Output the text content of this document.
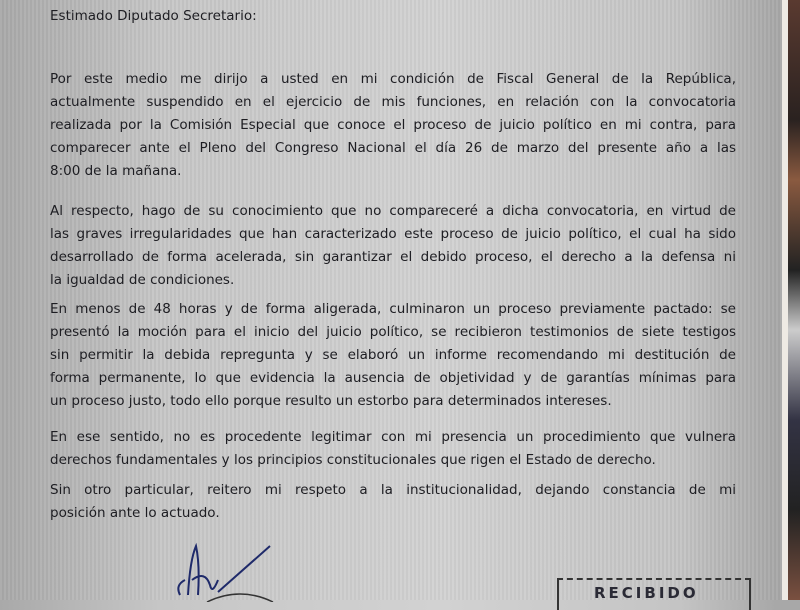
Estimado Diputado Secretario:
Por este medio me dirijo a usted en mi condición de Fiscal General de la República,
actualmente suspendido en el ejercicio de mis funciones, en relación con la convocatoria
realizada por la Comisión Especial que conoce el proceso de juicio político en mi contra, para
comparecer ante el Pleno del Congreso Nacional el día 26 de marzo del presente año a las
8:00 de la mañana.
Al respecto, hago de su conocimiento que no compareceré a dicha convocatoria, en virtud de
las graves irregularidades que han caracterizado este proceso de juicio político, el cual ha sido
desarrollado de forma acelerada, sin garantizar el debido proceso, el derecho a la defensa ni
la igualdad de condiciones.
En menos de 48 horas y de forma aligerada, culminaron un proceso previamente pactado: se
presentó la moción para el inicio del juicio político, se recibieron testimonios de siete testigos
sin permitir la debida repregunta y se elaboró un informe recomendando mi destitución de
forma permanente, lo que evidencia la ausencia de objetividad y de garantías mínimas para
un proceso justo, todo ello porque resulto un estorbo para determinados intereses.
En ese sentido, no es procedente legitimar con mi presencia un procedimiento que vulnera
derechos fundamentales y los principios constitucionales que rigen el Estado de derecho.
Sin otro particular, reitero mi respeto a la institucionalidad, dejando constancia de mi
posición ante lo actuado.
RECIBIDO
